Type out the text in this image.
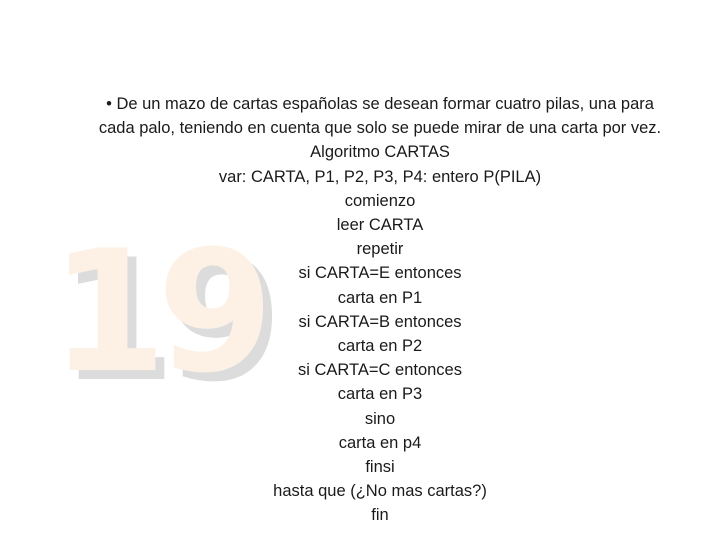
19
• De un mazo de cartas españolas se desean formar cuatro pilas, una para
cada palo, teniendo en cuenta que solo se puede mirar de una carta por vez.
Algoritmo CARTAS
var: CARTA, P1, P2, P3, P4: entero P(PILA)
comienzo
leer CARTA
repetir
si CARTA=E entonces
carta en P1
si CARTA=B entonces
carta en P2
si CARTA=C entonces
carta en P3
sino
carta en p4
finsi
hasta que (¿No mas cartas?)
fin
